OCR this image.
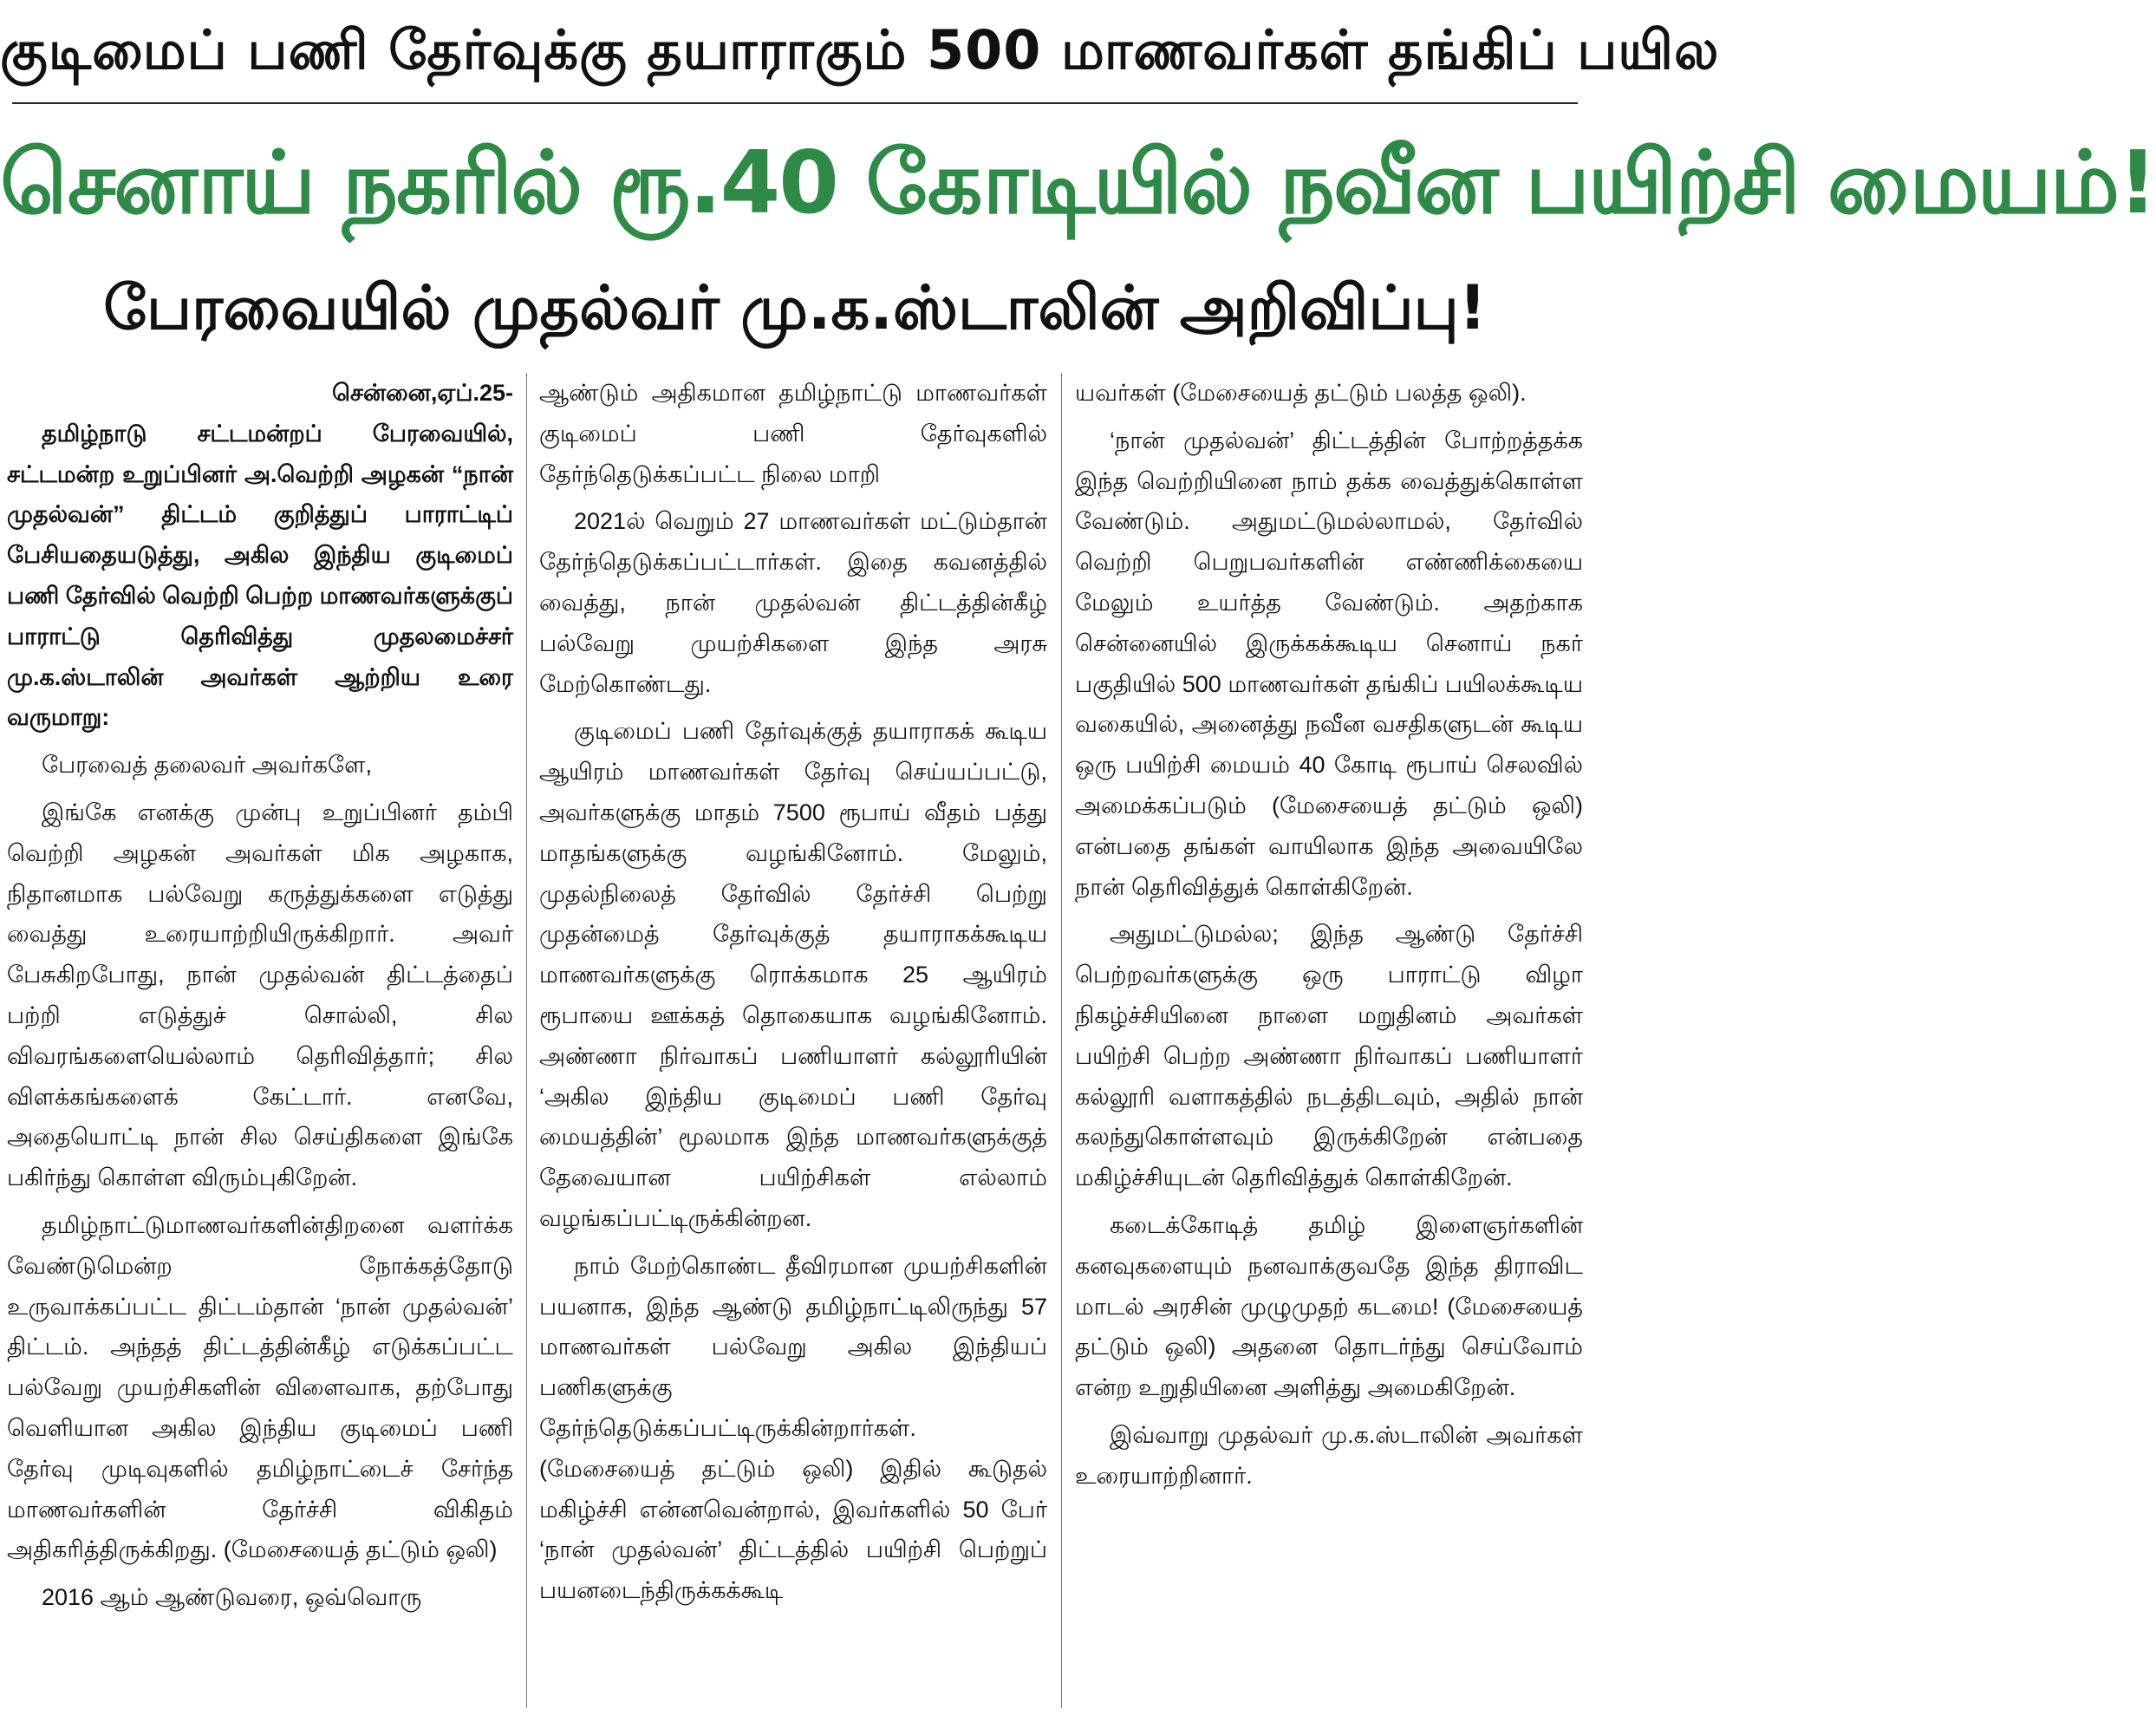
குடிமைப் பணி தேர்வுக்கு தயாராகும் 500 மாணவர்கள் தங்கிப் பயில
செனாய் நகரில் ரூ.40 கோடியில் நவீன பயிற்சி மையம்!
பேரவையில் முதல்வர் மு.க.ஸ்டாலின் அறிவிப்பு!

சென்னை,ஏப்.25-

தமிழ்நாடு சட்டமன்றப் பேரவையில், சட்டமன்ற உறுப்பினர் அ.வெற்றி அழகன் “நான் முதல்வன்” திட்டம் குறித்துப் பாராட்டிப் பேசியதையடுத்து, அகில இந்திய குடிமைப் பணி தேர்வில் வெற்றி பெற்ற மாணவர்களுக்குப் பாராட்டு தெரிவித்து முதலமைச்சர் மு.க.ஸ்டாலின் அவர்கள் ஆற்றிய உரை வருமாறு:

பேரவைத் தலைவர் அவர்களே,

இங்கே எனக்கு முன்பு உறுப்பினர் தம்பி வெற்றி அழகன் அவர்கள் மிக அழகாக, நிதானமாக பல்வேறு கருத்துக்களை எடுத்து வைத்து உரையாற்றியிருக்கிறார். அவர் பேசுகிறபோது, நான் முதல்வன் திட்டத்தைப் பற்றி எடுத்துச் சொல்லி, சில விவரங்களையெல்லாம் தெரிவித்தார்; சில விளக்கங்களைக் கேட்டார். எனவே, அதையொட்டி நான் சில செய்திகளை இங்கே பகிர்ந்து கொள்ள விரும்புகிறேன்.

தமிழ்நாட்டுமாணவர்களின்திறனை வளர்க்க வேண்டுமென்ற நோக்கத்தோடு உருவாக்கப்பட்ட திட்டம்தான் ‘நான் முதல்வன்’ திட்டம். அந்தத் திட்டத்தின்கீழ் எடுக்கப்பட்ட பல்வேறு முயற்சிகளின் விளைவாக, தற்போது வெளியான அகில இந்திய குடிமைப் பணி தேர்வு முடிவுகளில் தமிழ்நாட்டைச் சேர்ந்த மாணவர்களின் தேர்ச்சி விகிதம் அதிகரித்திருக்கிறது. (மேசையைத் தட்டும் ஒலி)

2016 ஆம் ஆண்டுவரை, ஒவ்வொரு

ஆண்டும் அதிகமான தமிழ்நாட்டு மாணவர்கள் குடிமைப் பணி தேர்வுகளில் தேர்ந்தெடுக்கப்பட்ட நிலை மாறி

2021ல் வெறும் 27 மாணவர்கள் மட்டும்தான் தேர்ந்தெடுக்கப்பட்டார்கள். இதை கவனத்தில் வைத்து, நான் முதல்வன் திட்டத்தின்கீழ் பல்வேறு முயற்சிகளை இந்த அரசு மேற்கொண்டது.

குடிமைப் பணி தேர்வுக்குத் தயாராகக் கூடிய ஆயிரம் மாணவர்கள் தேர்வு செய்யப்பட்டு, அவர்களுக்கு மாதம் 7500 ரூபாய் வீதம் பத்து மாதங்களுக்கு வழங்கினோம். மேலும், முதல்நிலைத் தேர்வில் தேர்ச்சி பெற்று முதன்மைத் தேர்வுக்குத் தயாராகக்கூடிய மாணவர்களுக்கு ரொக்கமாக 25 ஆயிரம் ரூபாயை ஊக்கத் தொகையாக வழங்கினோம். அண்ணா நிர்வாகப் பணியாளர் கல்லூரியின் ‘அகில இந்திய குடிமைப் பணி தேர்வு மையத்தின்’ மூலமாக இந்த மாணவர்களுக்குத் தேவையான பயிற்சிகள் எல்லாம் வழங்கப்பட்டிருக்கின்றன.

நாம் மேற்கொண்ட தீவிரமான முயற்சிகளின் பயனாக, இந்த ஆண்டு தமிழ்நாட்டிலிருந்து 57 மாணவர்கள் பல்வேறு அகில இந்தியப் பணிகளுக்கு தேர்ந்தெடுக்கப்பட்டிருக்கின்றார்கள். (மேசையைத் தட்டும் ஒலி) இதில் கூடுதல் மகிழ்ச்சி என்னவென்றால், இவர்களில் 50 பேர் ‘நான் முதல்வன்’ திட்டத்தில் பயிற்சி பெற்றுப் பயனடைந்திருக்கக்கூடி

யவர்கள் (மேசையைத் தட்டும் பலத்த ஒலி).

‘நான் முதல்வன்’ திட்டத்தின் போற்றத்தக்க இந்த வெற்றியினை நாம் தக்க வைத்துக்கொள்ள வேண்டும். அதுமட்டுமல்லாமல், தேர்வில் வெற்றி பெறுபவர்களின் எண்ணிக்கையை மேலும் உயர்த்த வேண்டும். அதற்காக சென்னையில் இருக்கக்கூடிய செனாய் நகர் பகுதியில் 500 மாணவர்கள் தங்கிப் பயிலக்கூடிய வகையில், அனைத்து நவீன வசதிகளுடன் கூடிய ஒரு பயிற்சி மையம் 40 கோடி ரூபாய் செலவில் அமைக்கப்படும் (மேசையைத் தட்டும் ஒலி) என்பதை தங்கள் வாயிலாக இந்த அவையிலே நான் தெரிவித்துக் கொள்கிறேன்.

அதுமட்டுமல்ல; இந்த ஆண்டு தேர்ச்சி பெற்றவர்களுக்கு ஒரு பாராட்டு விழா நிகழ்ச்சியினை நாளை மறுதினம் அவர்கள் பயிற்சி பெற்ற அண்ணா நிர்வாகப் பணியாளர் கல்லூரி வளாகத்தில் நடத்திடவும், அதில் நான் கலந்துகொள்ளவும் இருக்கிறேன் என்பதை மகிழ்ச்சியுடன் தெரிவித்துக் கொள்கிறேன்.

கடைக்கோடித் தமிழ் இளைஞர்களின் கனவுகளையும் நனவாக்குவதே இந்த திராவிட மாடல் அரசின் முழுமுதற் கடமை! (மேசையைத் தட்டும் ஒலி) அதனை தொடர்ந்து செய்வோம் என்ற உறுதியினை அளித்து அமைகிறேன்.

இவ்வாறு முதல்வர் மு.க.ஸ்டாலின் அவர்கள் உரையாற்றினார்.
